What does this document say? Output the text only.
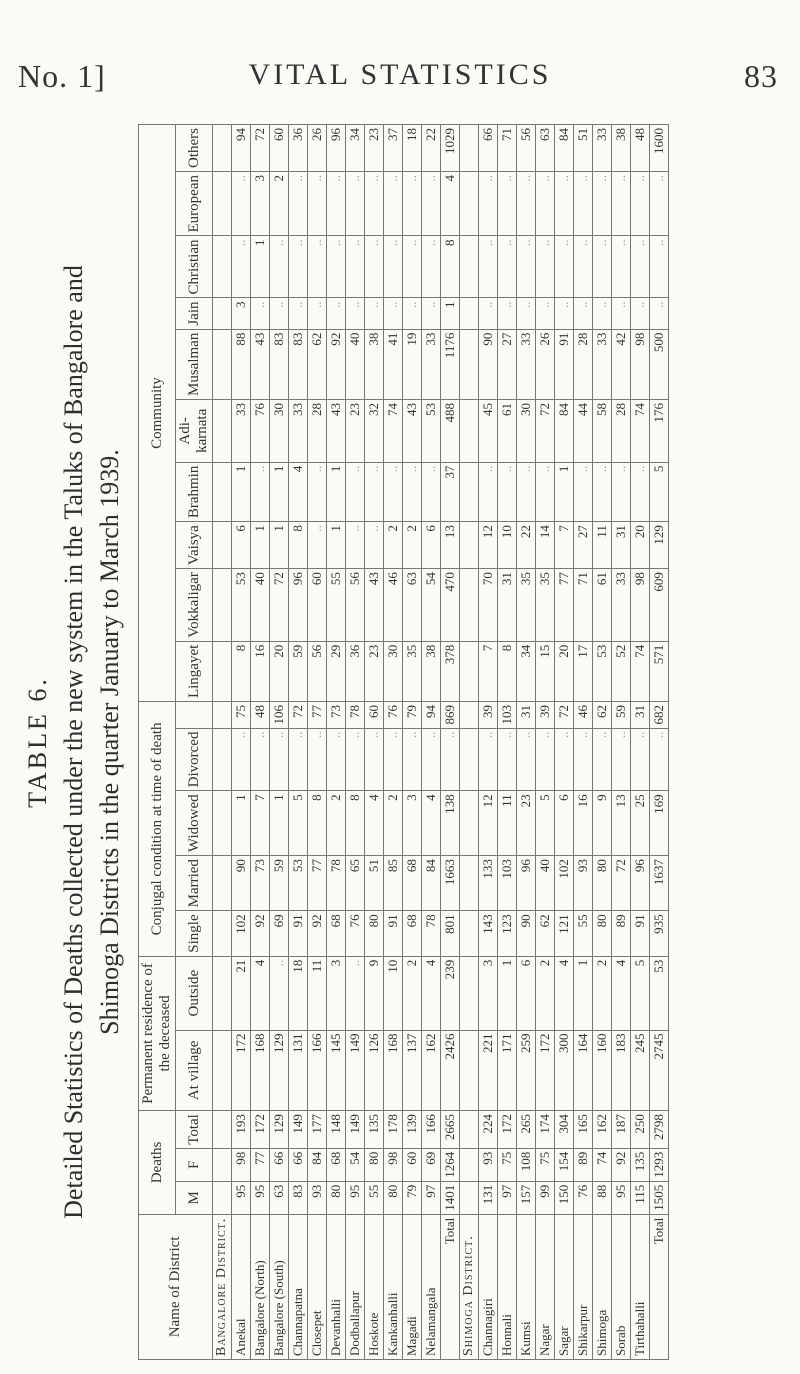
No. 1]	VITAL STATISTICS	83
TABLE 6. Detailed Statistics of Deaths collected under the new system in the Taluks of Bangalore and Shimoga Districts in the quarter January to March 1939.
Name of District	Deaths			Permanent residence of the deceased		Conjugal condition at time of death					Community									
	M	F	Total	At village	Outside	Single	Married	Widowed	Divorced		Lingayet	Vokkaligar	Vaisya	Brahmin	Adi-karnata	Musalman	Jain	Christian	European	Others
Bangalore District.																				
Anekal	95	98	193	172	21	102	90	1	..	75	8	53	6	1	33	88	3	..	..	94
Bangalore (North)	95	77	172	168	4	92	73	7	..	48	16	40	1	..	76	43	..	1	3	72
Bangalore (South)	63	66	129	129	..	69	59	1	..	106	20	72	1	1	30	83	..	..	2	60
Channapatna	83	66	149	131	18	91	53	5	..	72	59	96	8	4	33	83	..	..	..	36
Closepet	93	84	177	166	11	92	77	8	..	77	56	60	..	..	28	62	..	..	..	26
Devanhalli	80	68	148	145	3	68	78	2	..	73	29	55	1	1	43	92	..	..	..	96
Dodballapur	95	54	149	149	..	76	65	8	..	78	36	56	..	..	23	40	..	..	..	34
Hoskote	55	80	135	126	9	80	51	4	..	60	23	43	..	..	32	38	..	..	..	23
Kankanhalli	80	98	178	168	10	91	85	2	..	76	30	46	2	..	74	41	..	..	..	37
Magadi	79	60	139	137	2	68	68	3	..	79	35	63	2	..	43	19	..	..	..	18
Nelamangala	97	69	166	162	4	78	84	4	..	94	38	54	6	..	53	33	..	..	..	22
Total	1401	1264	2665	2426	239	801	1663	138	..	869	378	470	13	37	488	1176	1	8	4	1029
Shimoga District.																				
Channagiri	131	93	224	221	3	143	133	12	..	39	7	70	12	..	45	90	..	..	..	66
Honnali	97	75	172	171	1	123	103	11	..	103	8	31	10	..	61	27	..	..	..	71
Kumsi	157	108	265	259	6	90	96	23	..	31	34	35	22	..	30	33	..	..	..	56
Nagar	99	75	174	172	2	62	40	5	..	39	15	35	14	..	72	26	..	..	..	63
Sagar	150	154	304	300	4	121	102	6	..	72	20	77	7	1	84	91	..	..	..	84
Shikarpur	76	89	165	164	1	55	93	16	..	46	17	71	27	..	44	28	..	..	..	51
Shimoga	88	74	162	160	2	80	80	9	..	62	53	61	11	..	58	33	..	..	..	33
Sorab	95	92	187	183	4	89	72	13	..	59	52	33	31	..	28	42	..	..	..	38
Tirthahalli	115	135	250	245	5	91	96	25	..	31	74	98	20	..	74	98	..	..	..	48
Total	1505	1293	2798	2745	53	935	1637	169	..	682	571	609	129	5	176	500	..	..	..	1600
